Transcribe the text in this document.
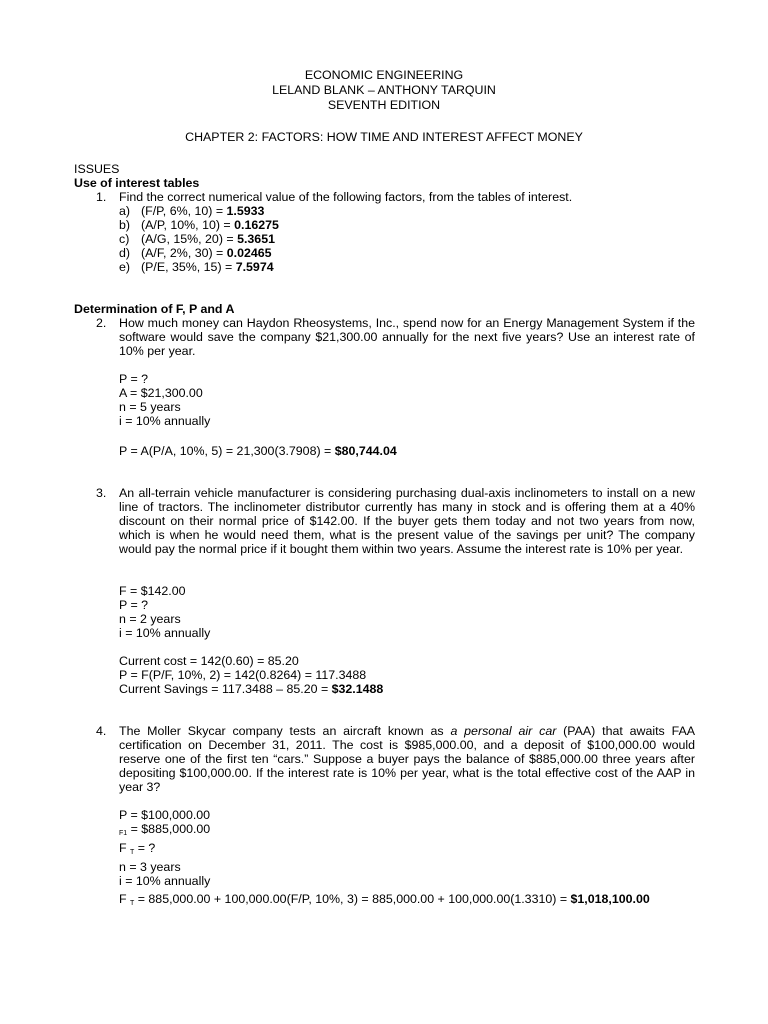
ECONOMIC ENGINEERING
LELAND BLANK – ANTHONY TARQUIN
SEVENTH EDITION
CHAPTER 2: FACTORS: HOW TIME AND INTEREST AFFECT MONEY
ISSUES
Use of interest tables
1. Find the correct numerical value of the following factors, from the tables of interest.
a) (F/P, 6%, 10) = 1.5933
b) (A/P, 10%, 10) = 0.16275
c) (A/G, 15%, 20) = 5.3651
d) (A/F, 2%, 30) = 0.02465
e) (P/E, 35%, 15) = 7.5974
Determination of F, P and A
2. How much money can Haydon Rheosystems, Inc., spend now for an Energy Management System if the software would save the company $21,300.00 annually for the next five years? Use an interest rate of 10% per year.
P = ?
A = $21,300.00
n = 5 years
i = 10% annually
P = A(P/A, 10%, 5) = 21,300(3.7908) = $80,744.04
3. An all-terrain vehicle manufacturer is considering purchasing dual-axis inclinometers to install on a new line of tractors. The inclinometer distributor currently has many in stock and is offering them at a 40% discount on their normal price of $142.00. If the buyer gets them today and not two years from now, which is when he would need them, what is the present value of the savings per unit? The company would pay the normal price if it bought them within two years. Assume the interest rate is 10% per year.
F = $142.00
P = ?
n = 2 years
i = 10% annually
Current cost = 142(0.60) = 85.20
P = F(P/F, 10%, 2) = 142(0.8264) = 117.3488
Current Savings = 117.3488 – 85.20 = $32.1488
4. The Moller Skycar company tests an aircraft known as a personal air car (PAA) that awaits FAA certification on December 31, 2011. The cost is $985,000.00, and a deposit of $100,000.00 would reserve one of the first ten “cars.” Suppose a buyer pays the balance of $885,000.00 three years after depositing $100,000.00. If the interest rate is 10% per year, what is the total effective cost of the AAP in year 3?
P = $100,000.00
$_{F1}$ = $885,000.00
F $_T$ = ?
n = 3 years
i = 10% annually
F $_T$ = 885,000.00 + 100,000.00(F/P, 10%, 3) = 885,000.00 + 100,000.00(1.3310) = $1,018,100.00
